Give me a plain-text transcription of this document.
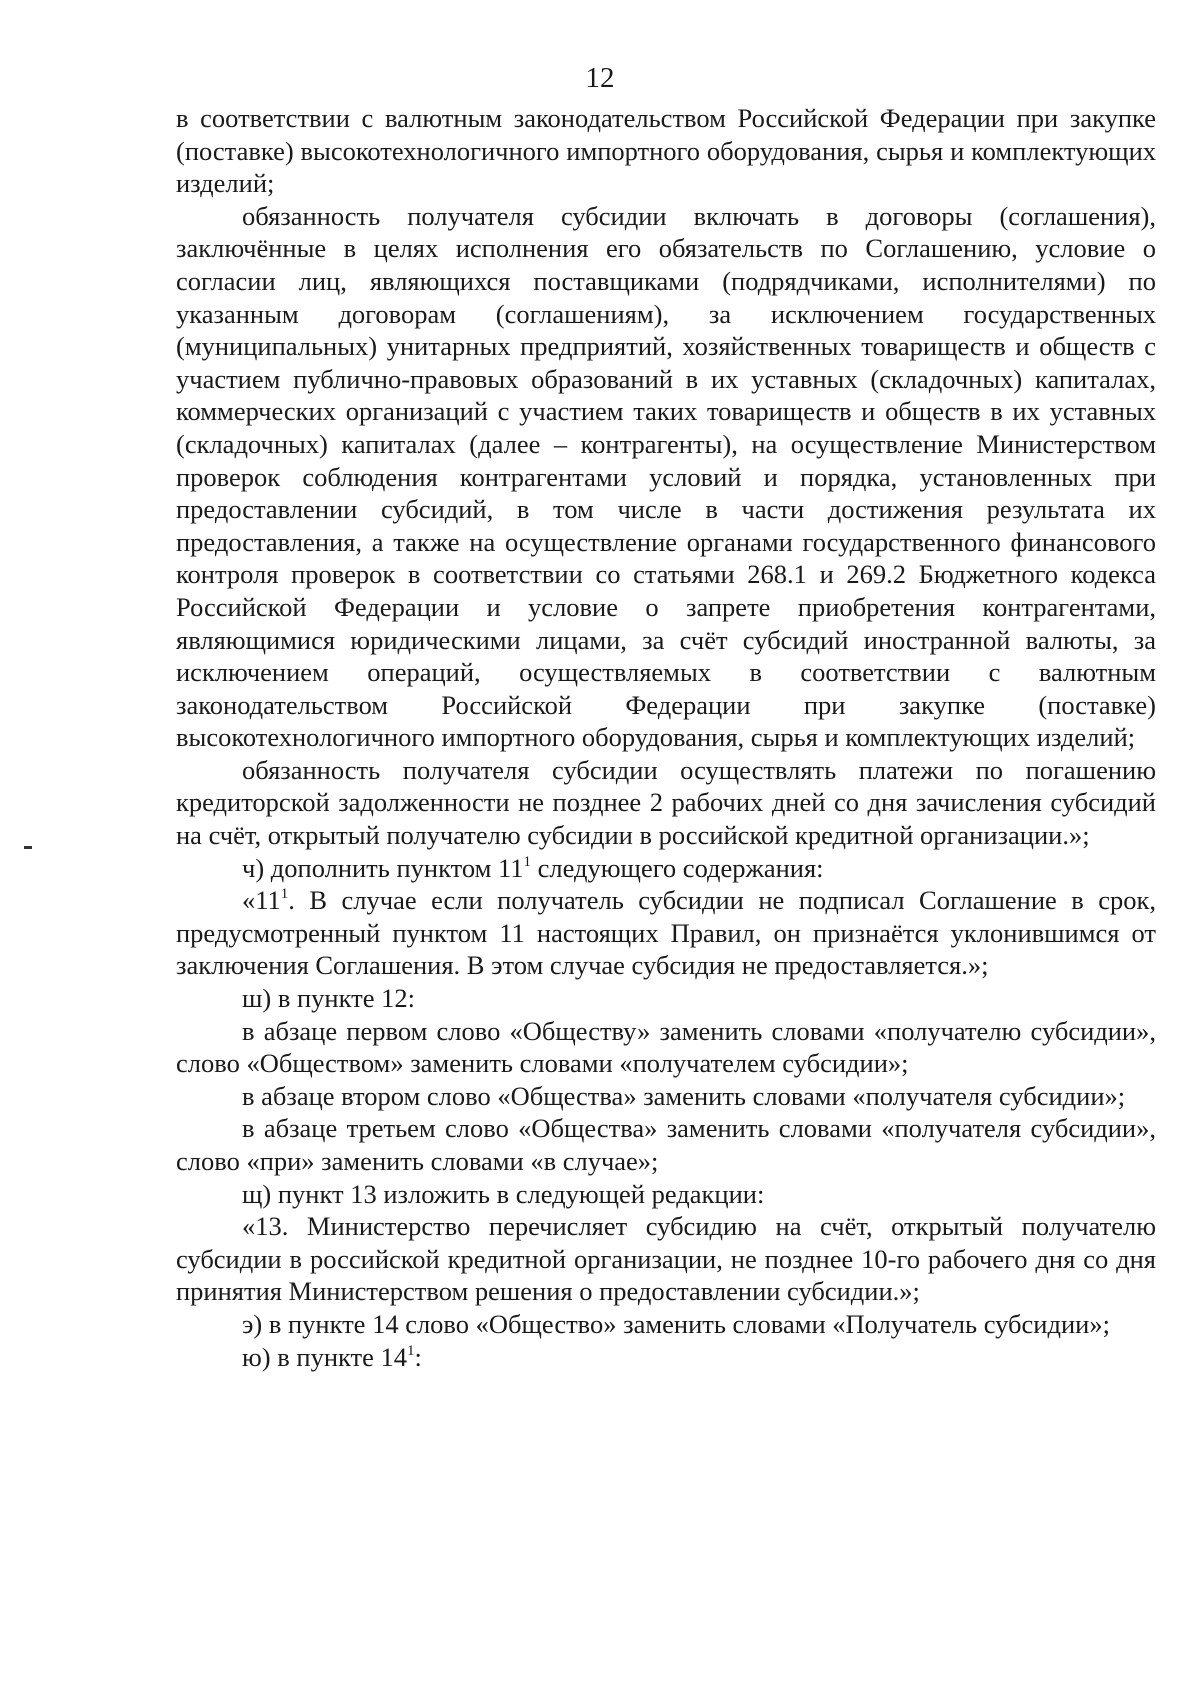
12

в соответствии с валютным законодательством Российской Федерации при закупке (поставке) высокотехнологичного импортного оборудования, сырья и комплектующих изделий;

обязанность получателя субсидии включать в договоры (соглашения), заключённые в целях исполнения его обязательств по Соглашению, условие о согласии лиц, являющихся поставщиками (подрядчиками, исполнителями) по указанным договорам (соглашениям), за исключением государственных (муниципальных) унитарных предприятий, хозяйственных товариществ и обществ с участием публично-правовых образований в их уставных (складочных) капиталах, коммерческих организаций с участием таких товариществ и обществ в их уставных (складочных) капиталах (далее – контрагенты), на осуществление Министерством проверок соблюдения контрагентами условий и порядка, установленных при предоставлении субсидий, в том числе в части достижения результата их предоставления, а также на осуществление органами государственного финансового контроля проверок в соответствии со статьями 268.1 и 269.2 Бюджетного кодекса Российской Федерации и условие о запрете приобретения контрагентами, являющимися юридическими лицами, за счёт субсидий иностранной валюты, за исключением операций, осуществляемых в соответствии с валютным законодательством Российской Федерации при закупке (поставке) высокотехнологичного импортного оборудования, сырья и комплектующих изделий;

обязанность получателя субсидии осуществлять платежи по погашению кредиторской задолженности не позднее 2 рабочих дней со дня зачисления субсидий на счёт, открытый получателю субсидии в российской кредитной организации.»;

ч) дополнить пунктом $11^1$ следующего содержания:

«$11^1$. В случае если получатель субсидии не подписал Соглашение в срок, предусмотренный пунктом 11 настоящих Правил, он признаётся уклонившимся от заключения Соглашения. В этом случае субсидия не предоставляется.»;

ш) в пункте 12:

в абзаце первом слово «Обществу» заменить словами «получателю субсидии», слово «Обществом» заменить словами «получателем субсидии»;

в абзаце втором слово «Общества» заменить словами «получателя субсидии»;

в абзаце третьем слово «Общества» заменить словами «получателя субсидии», слово «при» заменить словами «в случае»;

щ) пункт 13 изложить в следующей редакции:

«13. Министерство перечисляет субсидию на счёт, открытый получателю субсидии в российской кредитной организации, не позднее 10-го рабочего дня со дня принятия Министерством решения о предоставлении субсидии.»;

э) в пункте 14 слово «Общество» заменить словами «Получатель субсидии»;

ю) в пункте $14^1$:
